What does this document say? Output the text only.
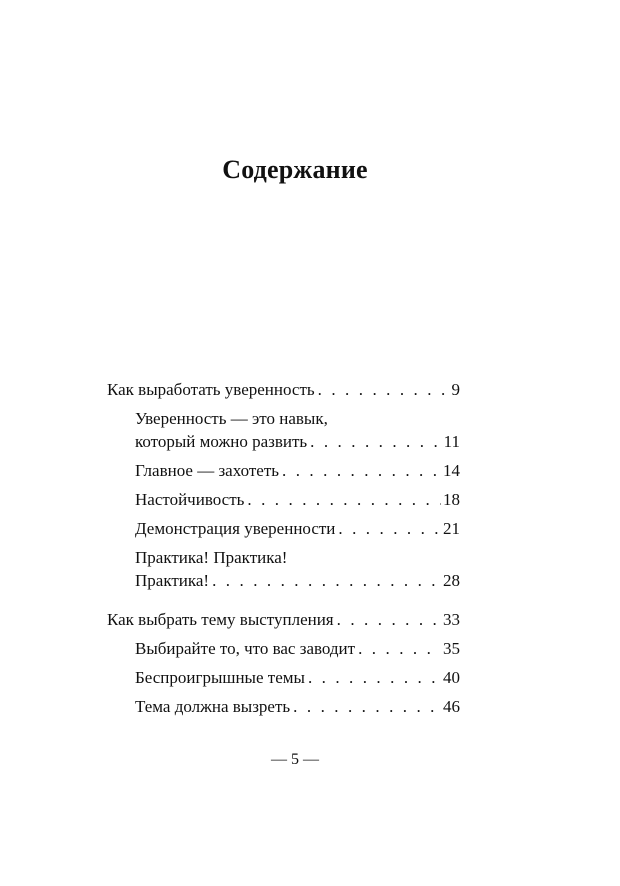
Содержание
Как выработать уверенность . . .	9
Уверенность — это навык,
который можно развить . . .	11
Главное — захотеть . . .	14
Настойчивость . . .	18
Демонстрация уверенности . . .	21
Практика! Практика!
Практика! . . .	28
Как выбрать тему выступления . . .	33
Выбирайте то, что вас заводит . . .	35
Беспроигрышные темы . . .	40
Тема должна вызреть . . .	46
— 5 —
